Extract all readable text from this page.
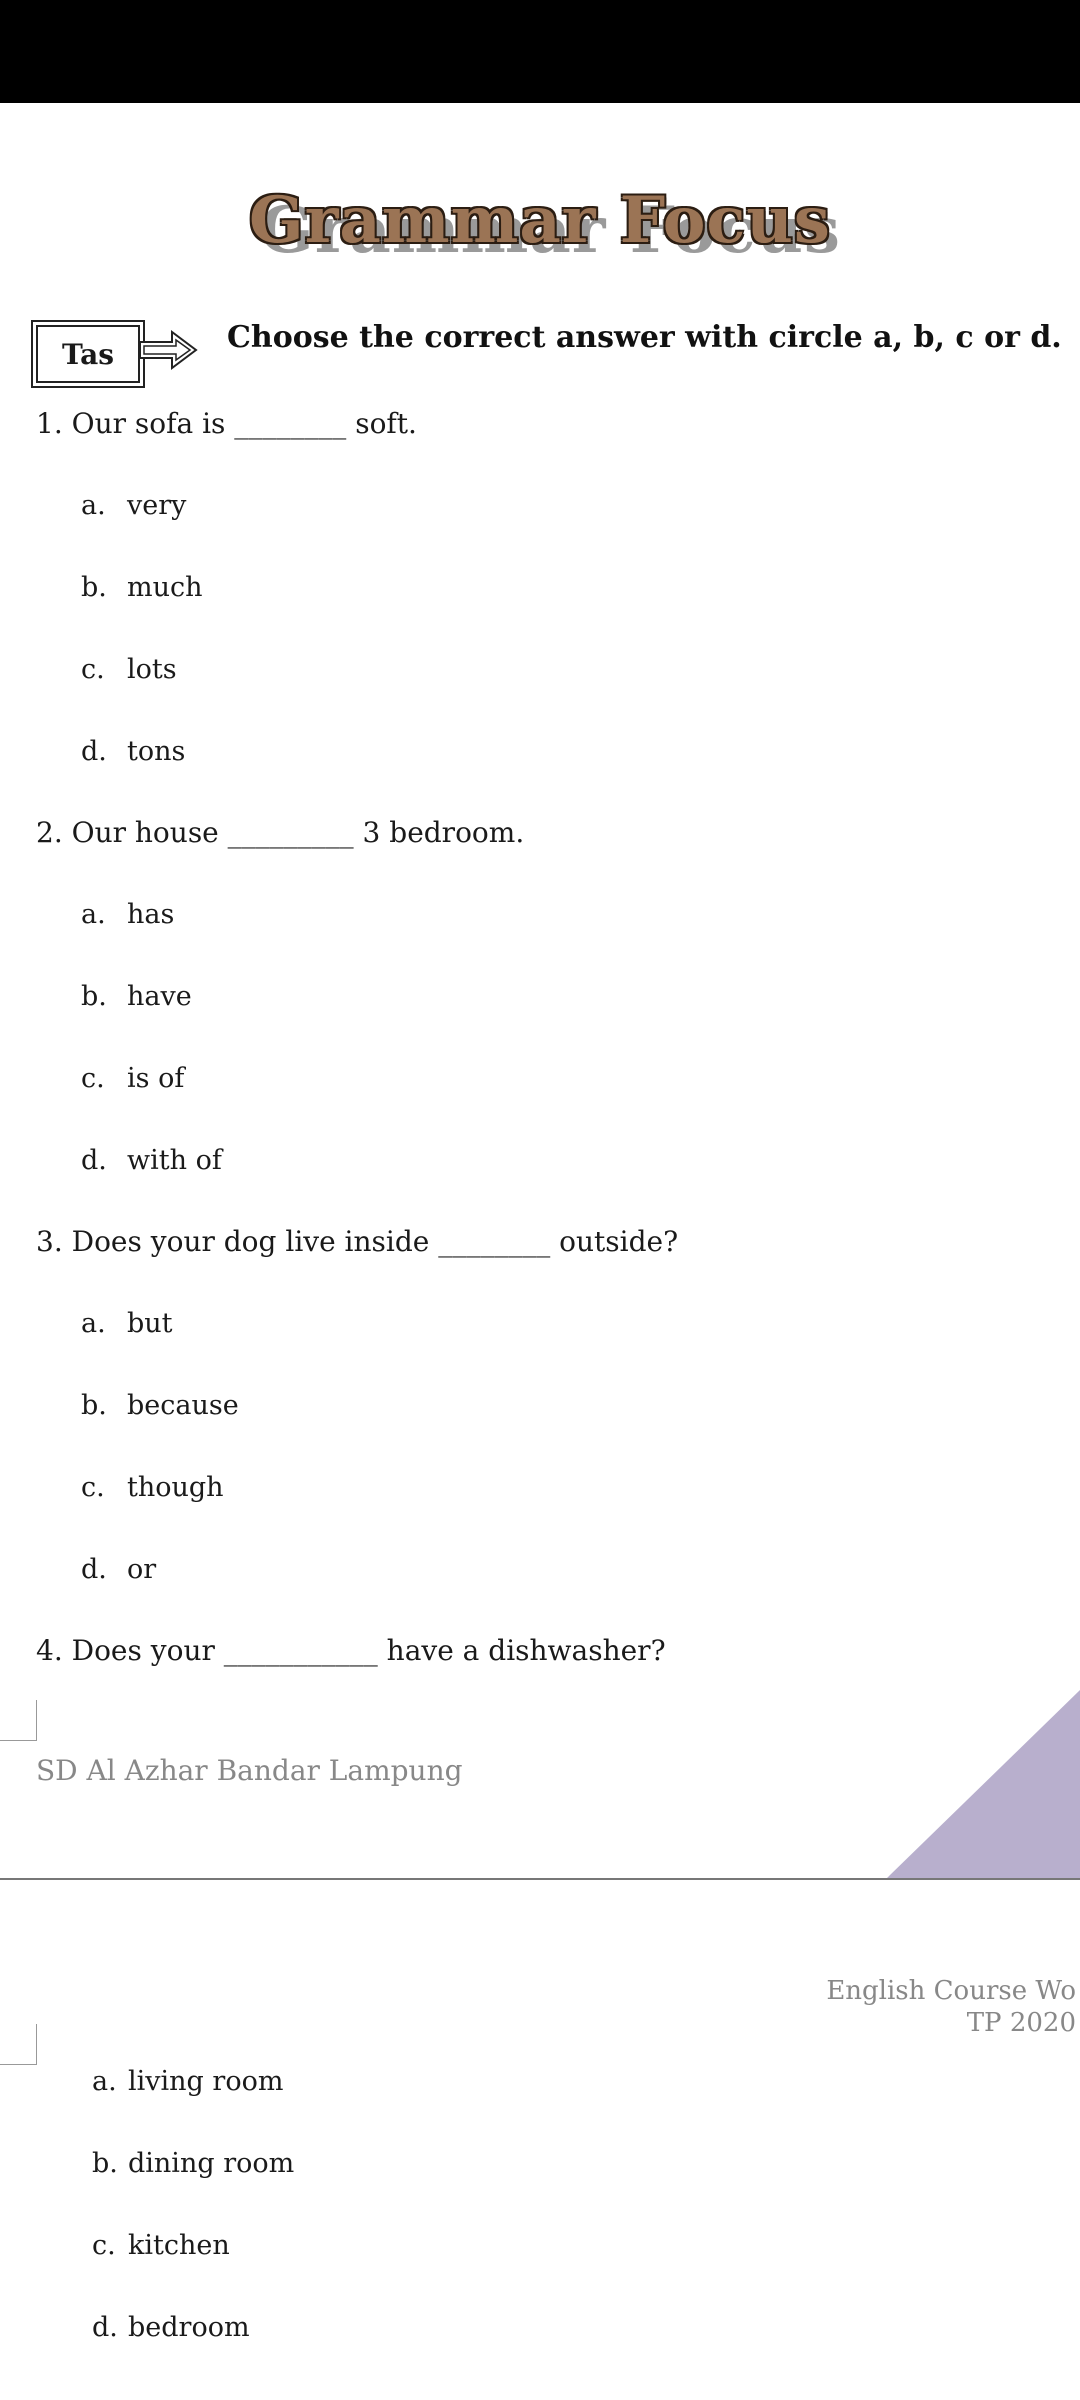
Grammar Focus
Tas	Choose the correct answer with circle a, b, c or d.
1. Our sofa is ________ soft.
a. very
b. much
c. lots
d. tons
2. Our house _________ 3 bedroom.
a. has
b. have
c. is of
d. with of
3. Does your dog live inside ________ outside?
a. but
b. because
c. though
d. or
4. Does your ___________ have a dishwasher?
SD Al Azhar Bandar Lampung
English Course Wo
TP 2020
a. living room
b. dining room
c. kitchen
d. bedroom
